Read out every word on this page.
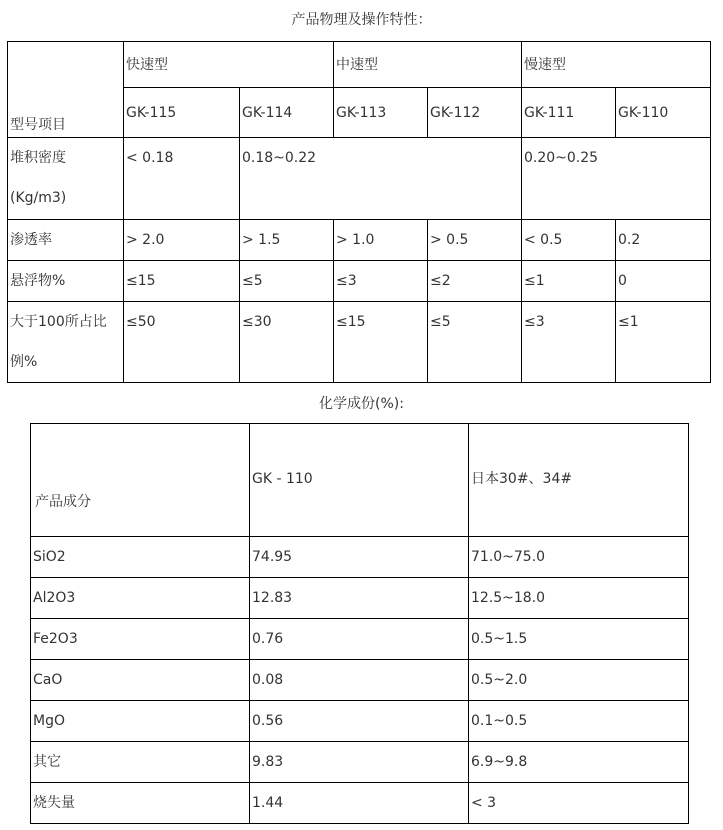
产品物理及操作特性：
型号项目	快速型		中速型		慢速型	
	GK-115	GK-114	GK-113	GK-112	GK-111	GK-110

堆积密度
(Kg/m3)	< 0.18	0.18~0.22			0.20~0.25	
渗透率	> 2.0	> 1.5	> 1.0	> 0.5	< 0.5	0.2
悬浮物%	≤15	≤5	≤3	≤2	≤1	0
大于100所占比例%	≤50	≤30	≤15	≤5	≤3	≤1
化学成份(%):
产品成分	GK - 110	日本30#、34#
SiO2	74.95	71.0~75.0
Al2O3	12.83	12.5~18.0
Fe2O3	0.76	0.5~1.5
CaO	0.08	0.5~2.0
MgO	0.56	0.1~0.5
其它	9.83	6.9~9.8
烧失量	1.44	< 3
